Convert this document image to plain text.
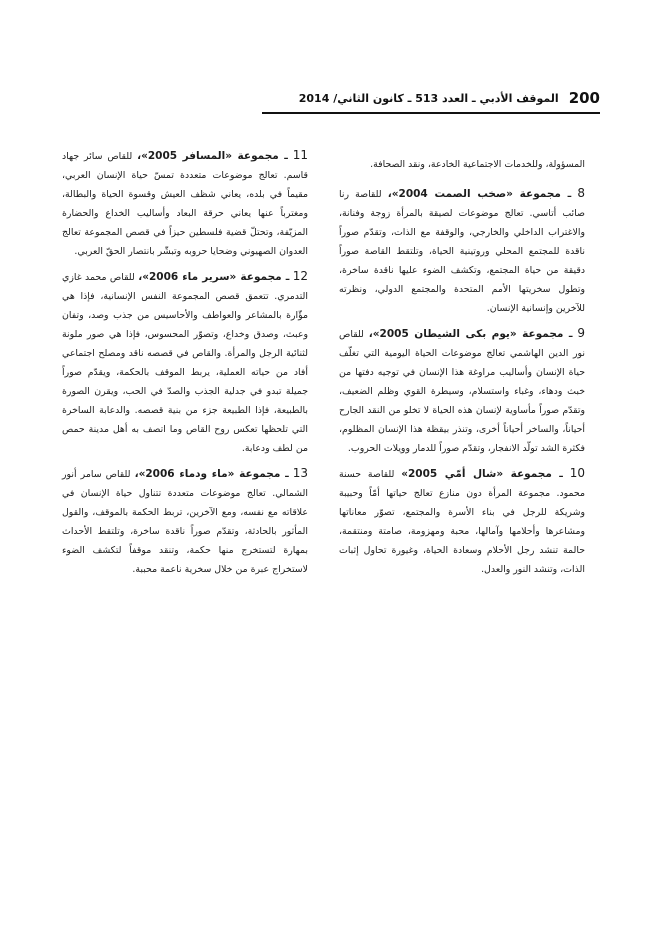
200
الموقف الأدبي ـ العدد 513 ـ كانون الثاني/ 2014

المسؤولة، وللخدمات الاجتماعية الخادعة، ونقد الصحافة.

8 ـ مجموعة «صخب الصمت 2004»، للقاصة رنا صائب أتاسي. تعالج موضوعات لصيقة بالمرأة زوجة وفنانة، والاغتراب الداخلي والخارجي، والوقفة مع الذات، وتقدّم صوراً ناقدة للمجتمع المحلي وروتينية الحياة، وتلتقط القاصة صوراً دقيقة من حياة المجتمع، وتكشف الضوء عليها ناقدة ساخرة، وتطول سخريتها الأمم المتحدة والمجتمع الدولي، ونظرته للآخرين وإنسانية الإنسان.

9 ـ مجموعة «يوم بكى الشيطان 2005»، للقاص نور الدين الهاشمي تعالج موضوعات الحياة اليومية التي تغلّف حياة الإنسان وأساليب مراوغة هذا الإنسان في توجيه دفتها من خبث ودهاء، وغباء واستسلام، وسيطرة القوي وظلم الضعيف، وتقدّم صوراً مأساوية لإنسان هذه الحياة لا تخلو من النقد الجارح أحياناً، والساخر أحياناً أخرى، وتنذر بيقظة هذا الإنسان المظلوم، فكثرة الشد تولّد الانفجار، وتقدّم صوراً للدمار وويلات الحروب.

10 ـ مجموعة «شال أمّي 2005» للقاصة حسنة محمود. مجموعة المرأة دون منازع تعالج حياتها أمّاً وحبيبة وشريكة للرجل في بناء الأسرة والمجتمع، تصوّر معاناتها ومشاعرها وأحلامها وآمالها، محبة ومهزومة، صامتة ومنتقمة، حالمة تنشد رجل الأحلام وسعادة الحياة، وغيورة تحاول إثبات الذات، وتنشد النور والعدل.

11 ـ مجموعة «المسافر 2005»، للقاص سائر جهاد قاسم. تعالج موضوعات متعددة تمسّ حياة الإنسان العربي، مقيماً في بلده، يعاني شظف العيش وقسوة الحياة والبطالة، ومغترباً عنها يعاني حرقة البعاد وأساليب الخداع والحضارة المزيّفة، وتحتلّ قضية فلسطين حيزاً في قصص المجموعة تعالج العدوان الصهيوني وضحايا حروبه وتبشّر بانتصار الحقّ العربي.

12 ـ مجموعة «سرير ماء 2006»، للقاص محمد غازي التدمري. تتعمق قصص المجموعة النفس الإنسانية، فإذا هي مؤّارة بالمشاعر والعواطف والأحاسيس من جذب وصد، وتفان وعبث، وصدق وخداع، وتصوّر المحسوس، فإذا هي صور ملونة لثنائية الرجل والمرأة. والقاص في قصصه ناقد ومصلح اجتماعي أفاد من حياته العملية، يربط الموقف بالحكمة، ويقدّم صوراً جميلة تبدو في جدلية الجذب والصدّ في الحب، ويقرن الصورة بالطبيعة، فإذا الطبيعة جزء من بنية قصصه. والدعابة الساخرة التي تلحظها تعكس روح القاص وما اتصف به أهل مدينة حمص من لطف ودعابة.

13 ـ مجموعة «ماء ودماء 2006»، للقاص سامر أنور الشمالي. تعالج موضوعات متعددة تتناول حياة الإنسان في علاقاته مع نفسه، ومع الآخرين، تربط الحكمة بالموقف، والقول المأثور بالحادثة، وتقدّم صوراً ناقدة ساخرة، وتلتقط الأحداث بمهارة لتستخرج منها حكمة، وتنقد موقفاً لتكشف الضوء لاستخراج عبرة من خلال سخرية ناعمة محببة.
